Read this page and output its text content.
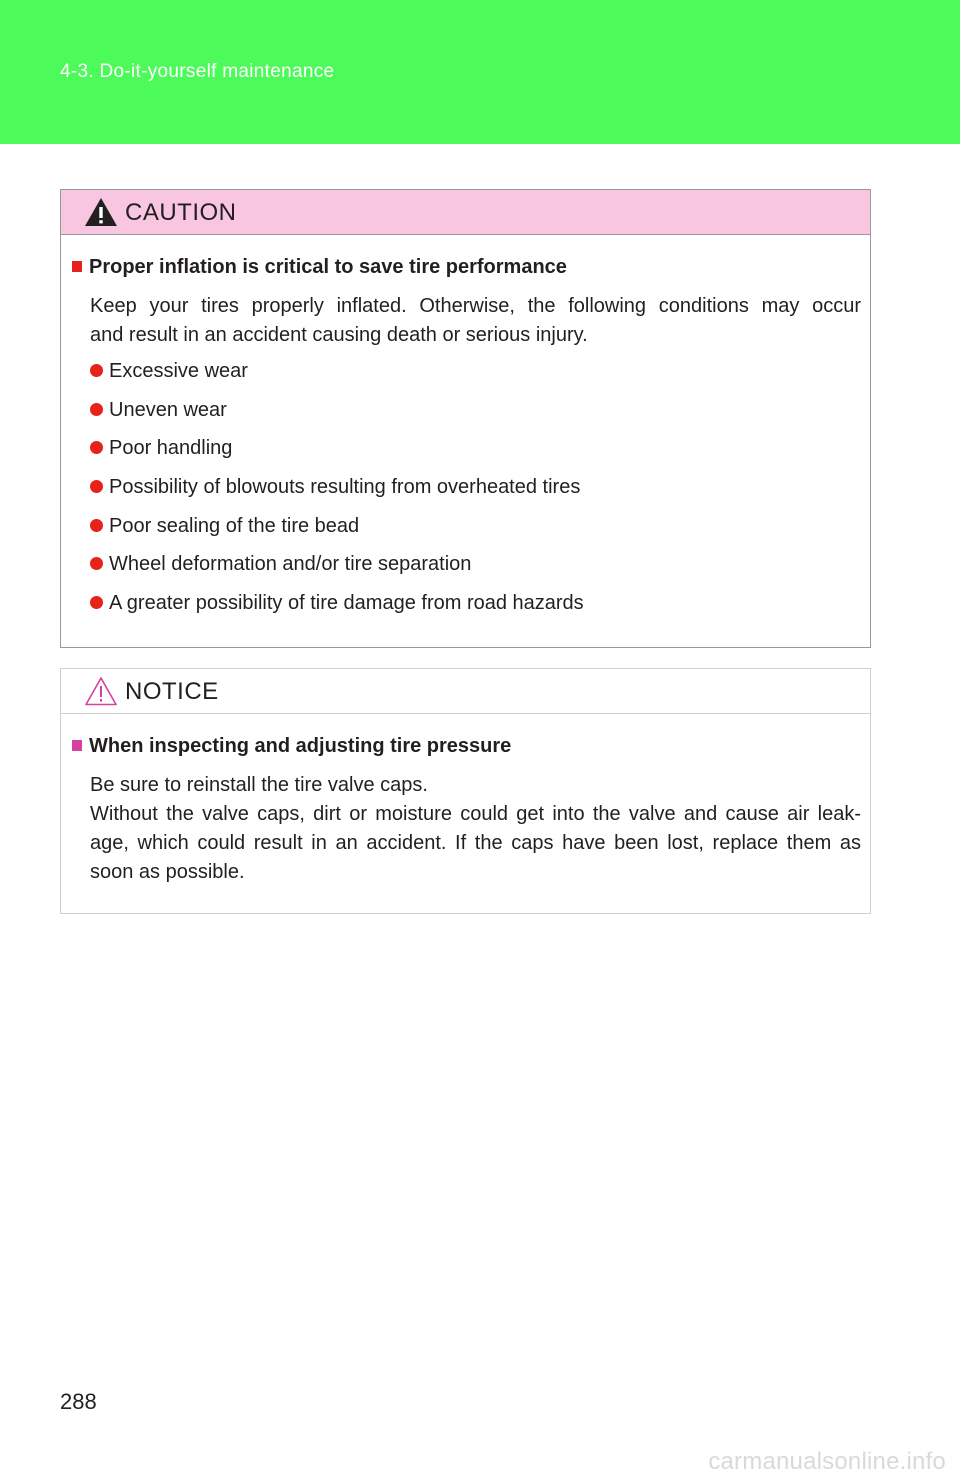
4-3. Do-it-yourself maintenance
CAUTION
Proper inflation is critical to save tire performance
Keep your tires properly inflated. Otherwise, the following conditions may occur
and result in an accident causing death or serious injury.
Excessive wear
Uneven wear
Poor handling
Possibility of blowouts resulting from overheated tires
Poor sealing of the tire bead
Wheel deformation and/or tire separation
A greater possibility of tire damage from road hazards
NOTICE
When inspecting and adjusting tire pressure
Be sure to reinstall the tire valve caps.
Without the valve caps, dirt or moisture could get into the valve and cause air leak-
age, which could result in an accident. If the caps have been lost, replace them as
soon as possible.
288
carmanualsonline.info
